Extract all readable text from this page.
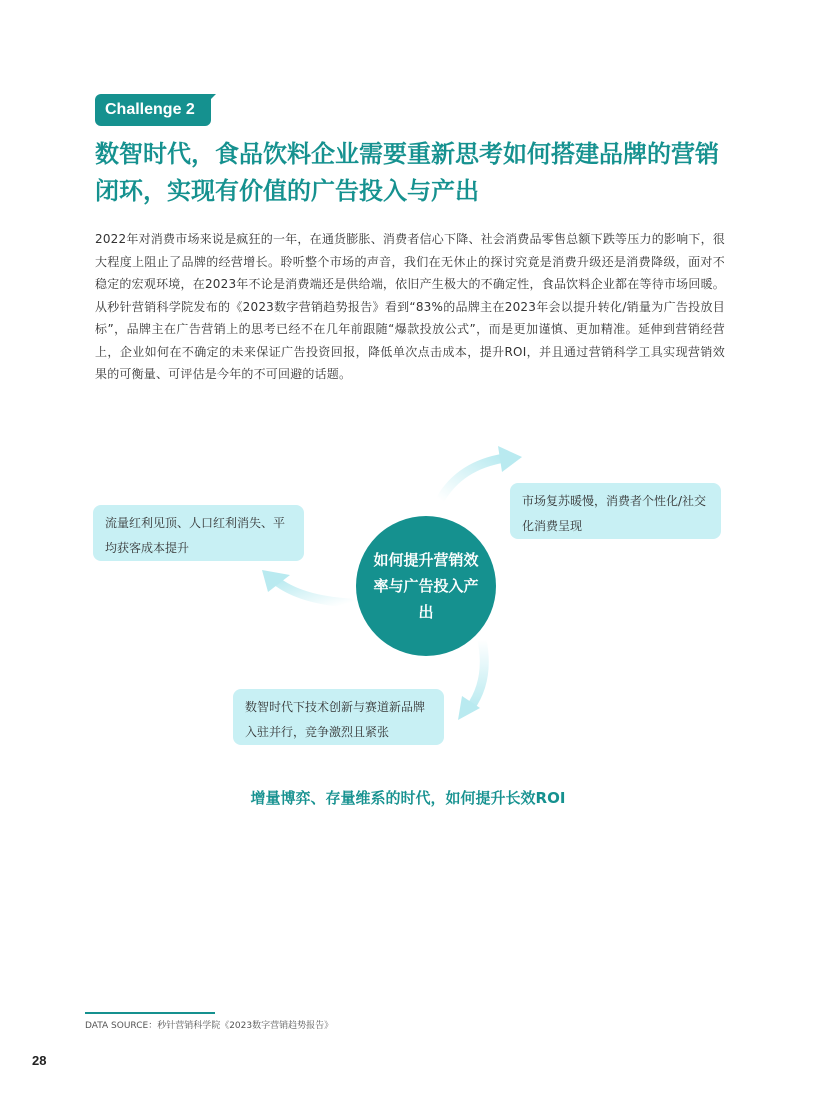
Challenge 2
数智时代，食品饮料企业需要重新思考如何搭建品牌的营销闭环，实现有价值的广告投入与产出

2022年对消费市场来说是疯狂的一年，在通货膨胀、消费者信心下降、社会消费品零售总额下跌等压力的影响下，很大程度上阻止了品牌的经营增长。聆听整个市场的声音，我们在无休止的探讨究竟是消费升级还是消费降级，面对不稳定的宏观环境，在2023年不论是消费端还是供给端，依旧产生极大的不确定性，食品饮料企业都在等待市场回暖。从秒针营销科学院发布的《2023数字营销趋势报告》看到“83%的品牌主在2023年会以提升转化/销量为广告投放目标”，品牌主在广告营销上的思考已经不在几年前跟随“爆款投放公式”，而是更加谨慎、更加精准。延伸到营销经营上，企业如何在不确定的未来保证广告投资回报，降低单次点击成本，提升ROI，并且通过营销科学工具实现营销效果的可衡量、可评估是今年的不可回避的话题。

流量红利见顶、人口红利消失、平均获客成本提升
市场复苏暖慢，消费者个性化/社交化消费呈现
数智时代下技术创新与赛道新品牌入驻并行，竞争激烈且紧张
如何提升营销效率与广告投入产出
增量博弈、存量维系的时代，如何提升长效ROI
DATA SOURCE：秒针营销科学院《2023数字营销趋势报告》
28
